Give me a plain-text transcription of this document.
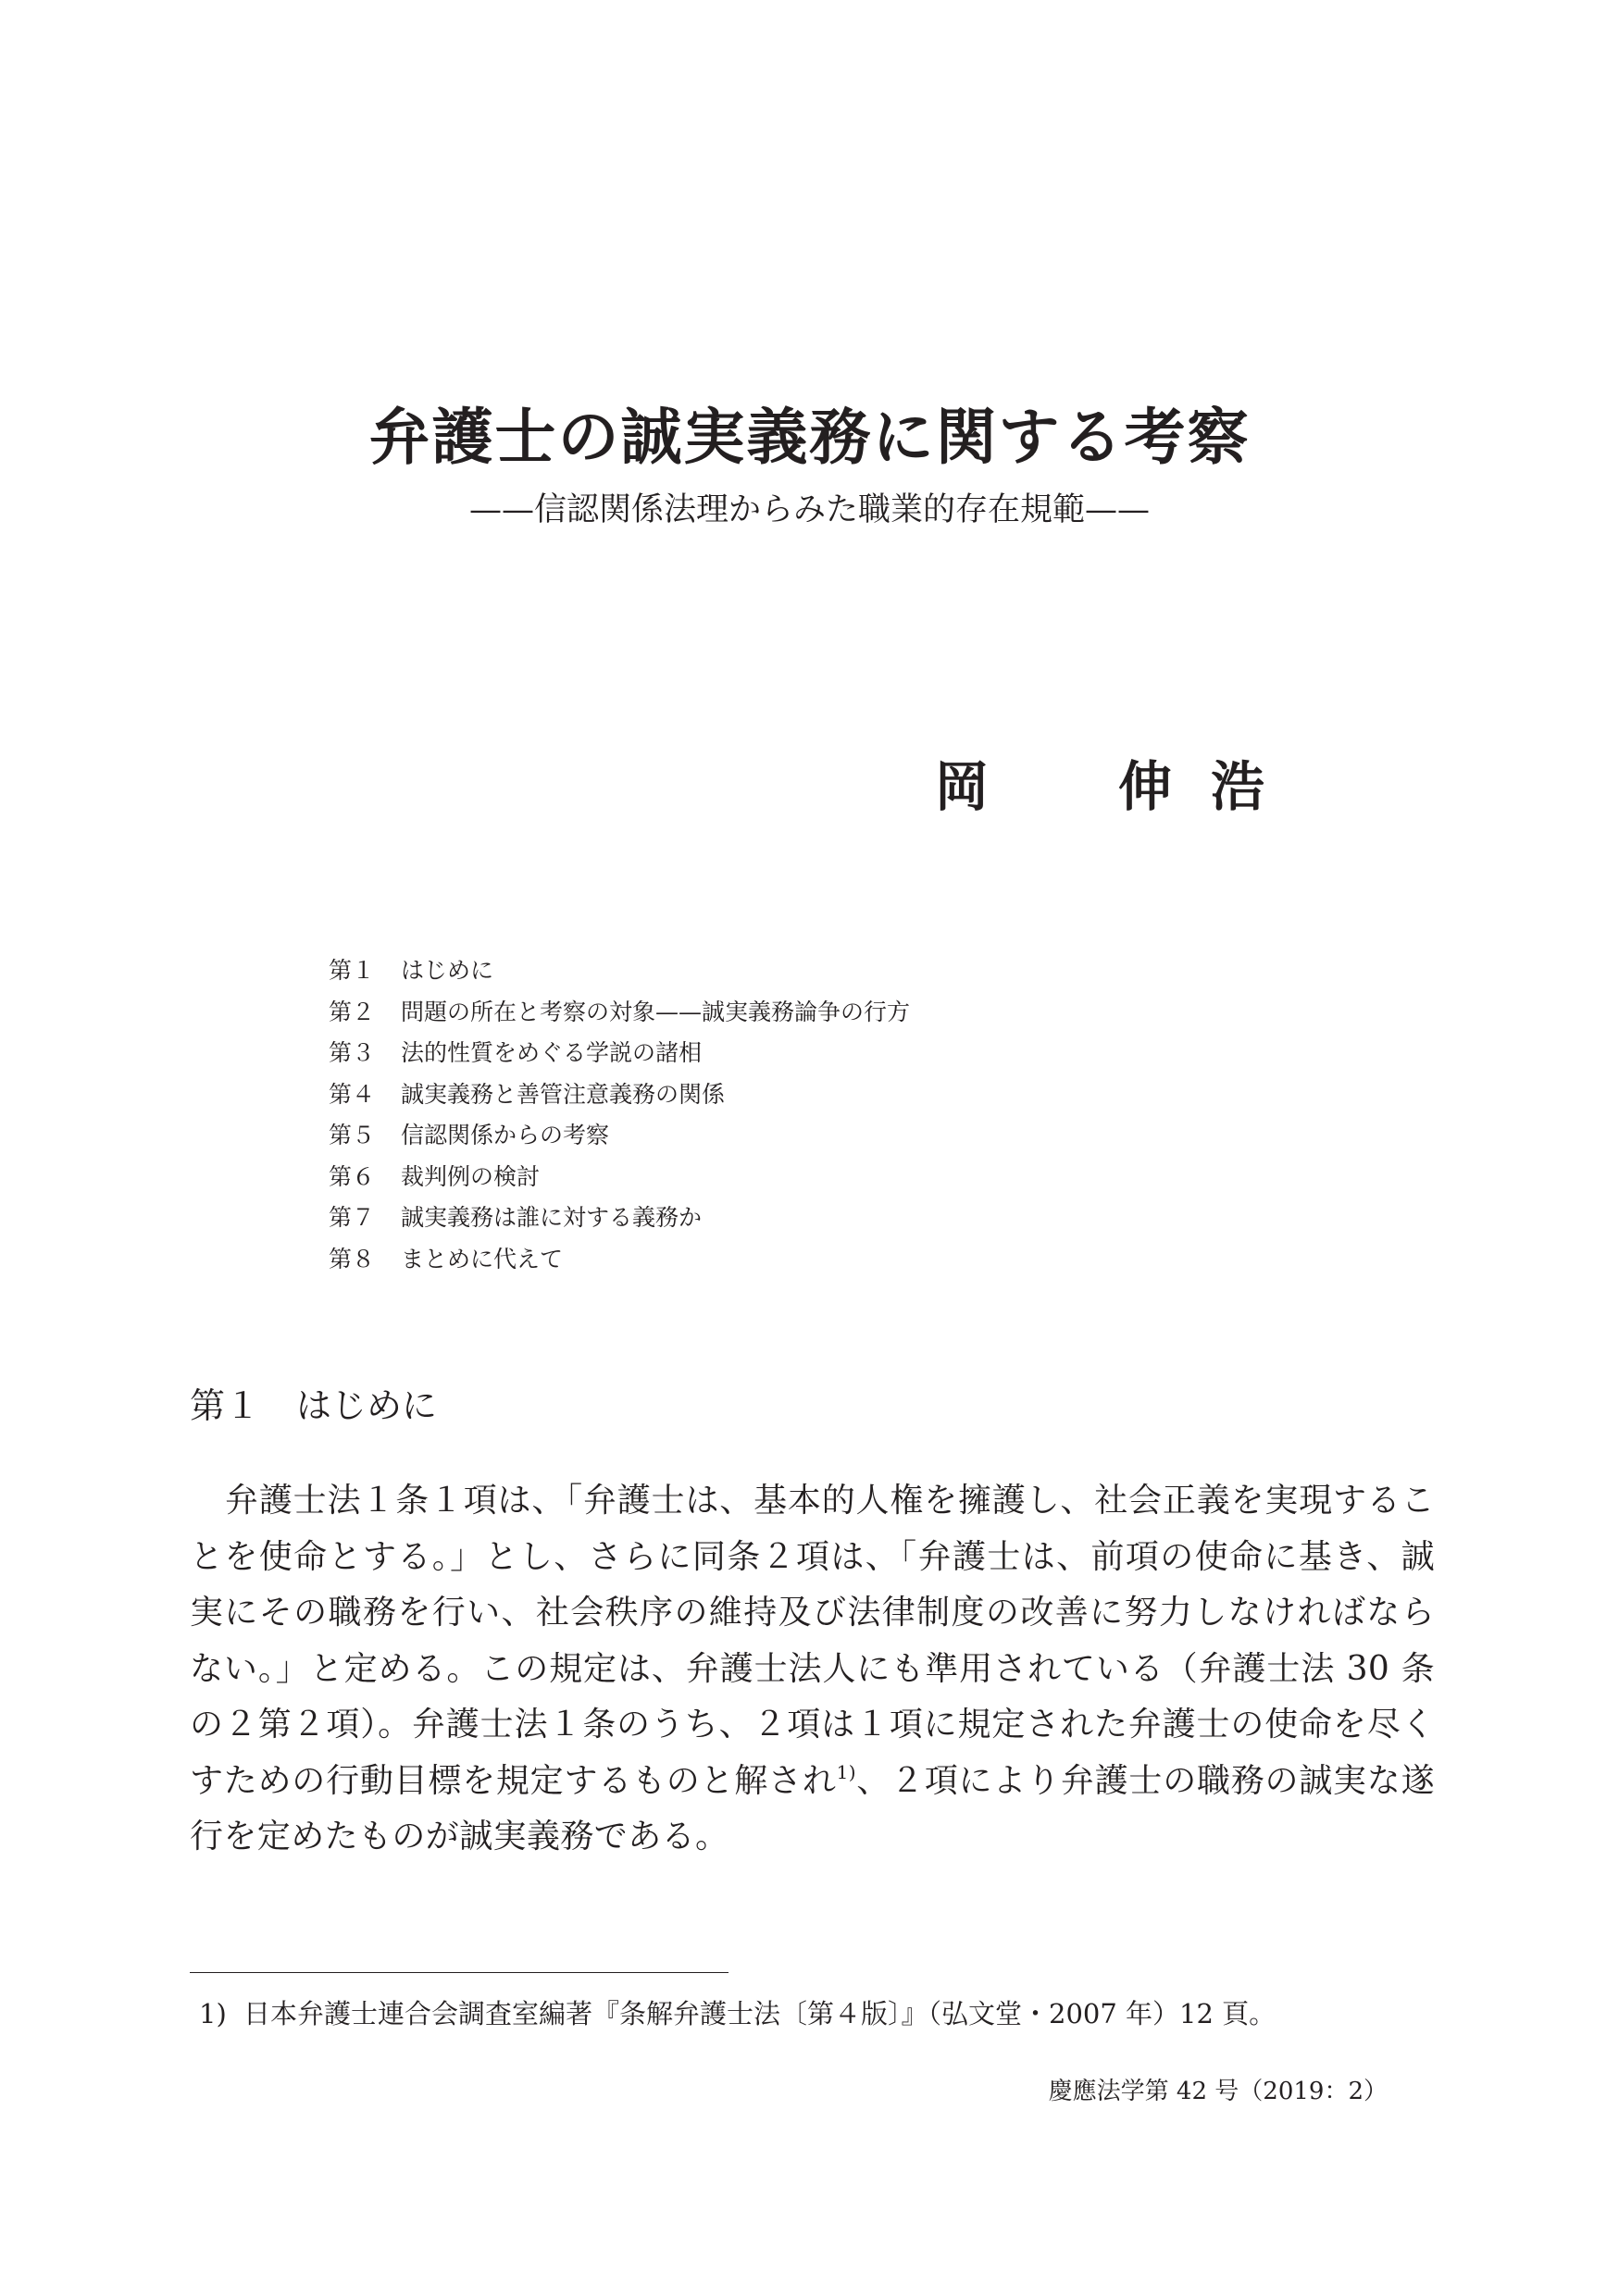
弁護士の誠実義務に関する考察
——信認関係法理からみた職業的存在規範——
岡 伸 浩
第１ はじめに
第２ 問題の所在と考察の対象——誠実義務論争の行方
第３ 法的性質をめぐる学説の諸相
第４ 誠実義務と善管注意義務の関係
第５ 信認関係からの考察
第６ 裁判例の検討
第７ 誠実義務は誰に対する義務か
第８ まとめに代えて
第１ はじめに

弁護士法１条１項は、「弁護士は、基本的人権を擁護し、社会正義を実現することを使命とする。」とし、さらに同条２項は、「弁護士は、前項の使命に基き、誠実にその職務を行い、社会秩序の維持及び法律制度の改善に努力しなければならない。」と定める。この規定は、弁護士法人にも準用されている（弁護士法 30 条の２第２項）。弁護士法１条のうち、２項は１項に規定された弁護士の使命を尽くすための行動目標を規定するものと解され$^{1)}$、２項により弁護士の職務の誠実な遂行を定めたものが誠実義務である。

1) 日本弁護士連合会調査室編著『条解弁護士法〔第４版〕』（弘文堂・2007 年）12 頁。
慶應法学第 42 号（2019：2）
